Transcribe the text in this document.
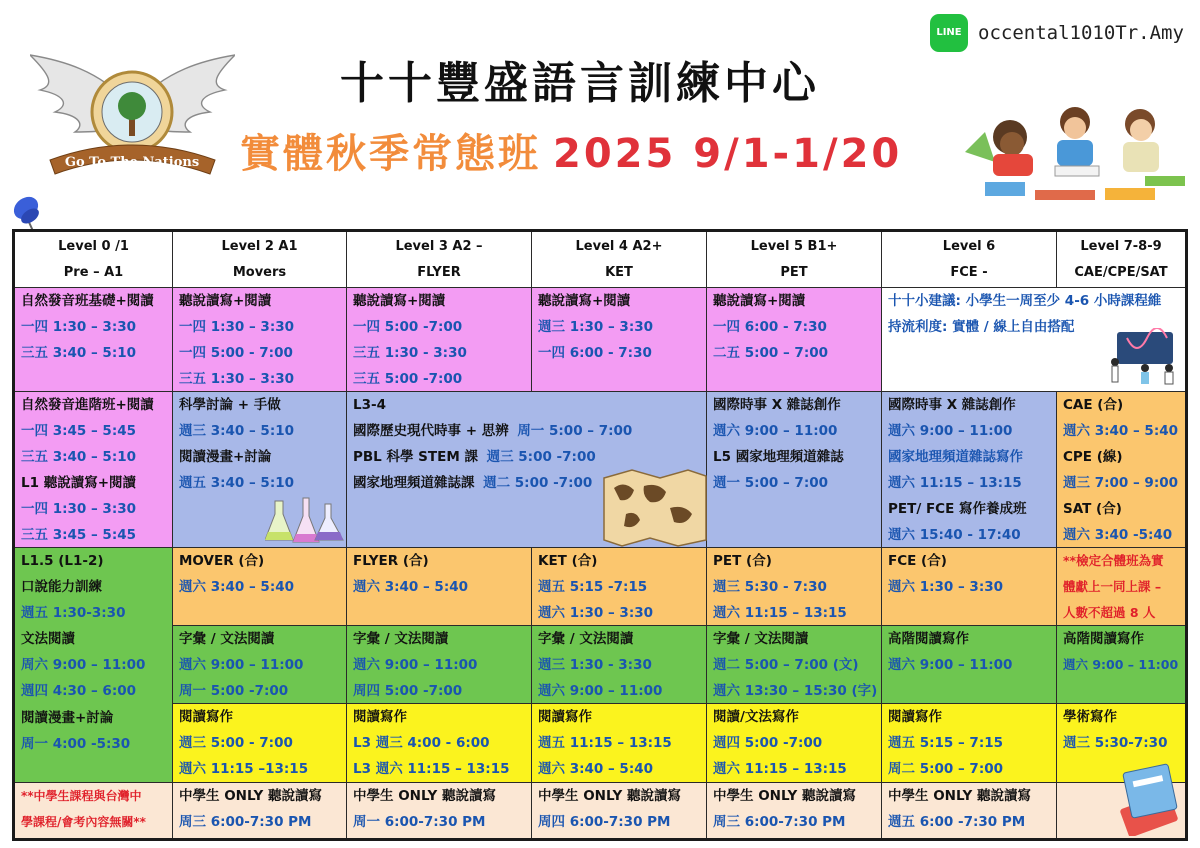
Go To The Nations
十十豐盛語言訓練中心
實體秋季常態班 2025 9/1-1/20
LINE occental1010Tr.Amy
Level 0 /1
Pre – A1
Level 2 A1
Movers
Level 3 A2 –
FLYER
Level 4 A2+
KET
Level 5 B1+
PET
Level 6
FCE -
Level 7-8-9
CAE/CPE/SAT
自然發音班基礎+閱讀
一四 1:30 – 3:30
三五 3:40 – 5:10
聽說讀寫+閱讀
一四 1:30 – 3:30
一四 5:00 - 7:00
三五 1:30 – 3:30
聽說讀寫+閱讀
一四 5:00 -7:00
三五 1:30 - 3:30
三五 5:00 -7:00
聽說讀寫+閱讀
週三 1:30 – 3:30
一四 6:00 - 7:30
聽說讀寫+閱讀
一四 6:00 - 7:30
二五 5:00 – 7:00
十十小建議: 小學生一周至少 4-6 小時課程維
持流利度: 實體 / 線上自由搭配
自然發音進階班+閱讀
一四 3:45 – 5:45
三五 3:40 – 5:10
L1 聽說讀寫+閱讀
一四 1:30 – 3:30
三五 3:45 – 5:45
科學討論 + 手做
週三 3:40 – 5:10
閱讀漫畫+討論
週五 3:40 – 5:10
L3-4
國際歷史現代時事 + 思辨 周一 5:00 – 7:00
PBL 科學 STEM 課 週三 5:00 -7:00
國家地理頻道雜誌課 週二 5:00 -7:00
國際時事 X 雜誌創作
週六 9:00 – 11:00
L5 國家地理頻道雜誌
週一 5:00 – 7:00
國際時事 X 雜誌創作
週六 9:00 – 11:00
國家地理頻道雜誌寫作
週六 11:15 – 13:15
PET/ FCE 寫作養成班
週六 15:40 - 17:40
CAE (合)
週六 3:40 – 5:40
CPE (線)
週三 7:00 – 9:00
SAT (合)
週六 3:40 -5:40
L1.5 (L1-2)
口說能力訓練
週五 1:30-3:30
文法閱讀
周六 9:00 – 11:00
週四 4:30 – 6:00
閱讀漫畫+討論
周一 4:00 -5:30
MOVER (合)
週六 3:40 – 5:40
FLYER (合)
週六 3:40 – 5:40
KET (合)
週五 5:15 -7:15
週六 1:30 – 3:30
PET (合)
週三 5:30 - 7:30
週六 11:15 – 13:15
FCE (合)
週六 1:30 – 3:30
**檢定合體班為實
體獻上一同上課 –
人數不超過 8 人
字彙 / 文法閱讀
週六 9:00 – 11:00
周一 5:00 -7:00
字彙 / 文法閱讀
週六 9:00 – 11:00
周四 5:00 -7:00
字彙 / 文法閱讀
週三 1:30 - 3:30
週六 9:00 – 11:00
字彙 / 文法閱讀
週二 5:00 – 7:00 (文)
週六 13:30 – 15:30 (字)
高階閱讀寫作
週六 9:00 – 11:00
高階閱讀寫作
週六 9:00 – 11:00
閱讀寫作
週三 5:00 - 7:00
週六 11:15 –13:15
閱讀寫作
L3 週三 4:00 - 6:00
L3 週六 11:15 – 13:15
閱讀寫作
週五 11:15 – 13:15
週六 3:40 – 5:40
閱讀/文法寫作
週四 5:00 -7:00
週六 11:15 – 13:15
閱讀寫作
週五 5:15 – 7:15
周二 5:00 – 7:00
學術寫作
週三 5:30-7:30
**中學生課程與台灣中
學課程/會考內容無關**
中學生 ONLY 聽說讀寫
周三 6:00-7:30 PM
中學生 ONLY 聽說讀寫
周一 6:00-7:30 PM
中學生 ONLY 聽說讀寫
周四 6:00-7:30 PM
中學生 ONLY 聽說讀寫
周三 6:00-7:30 PM
中學生 ONLY 聽說讀寫
週五 6:00 -7:30 PM
